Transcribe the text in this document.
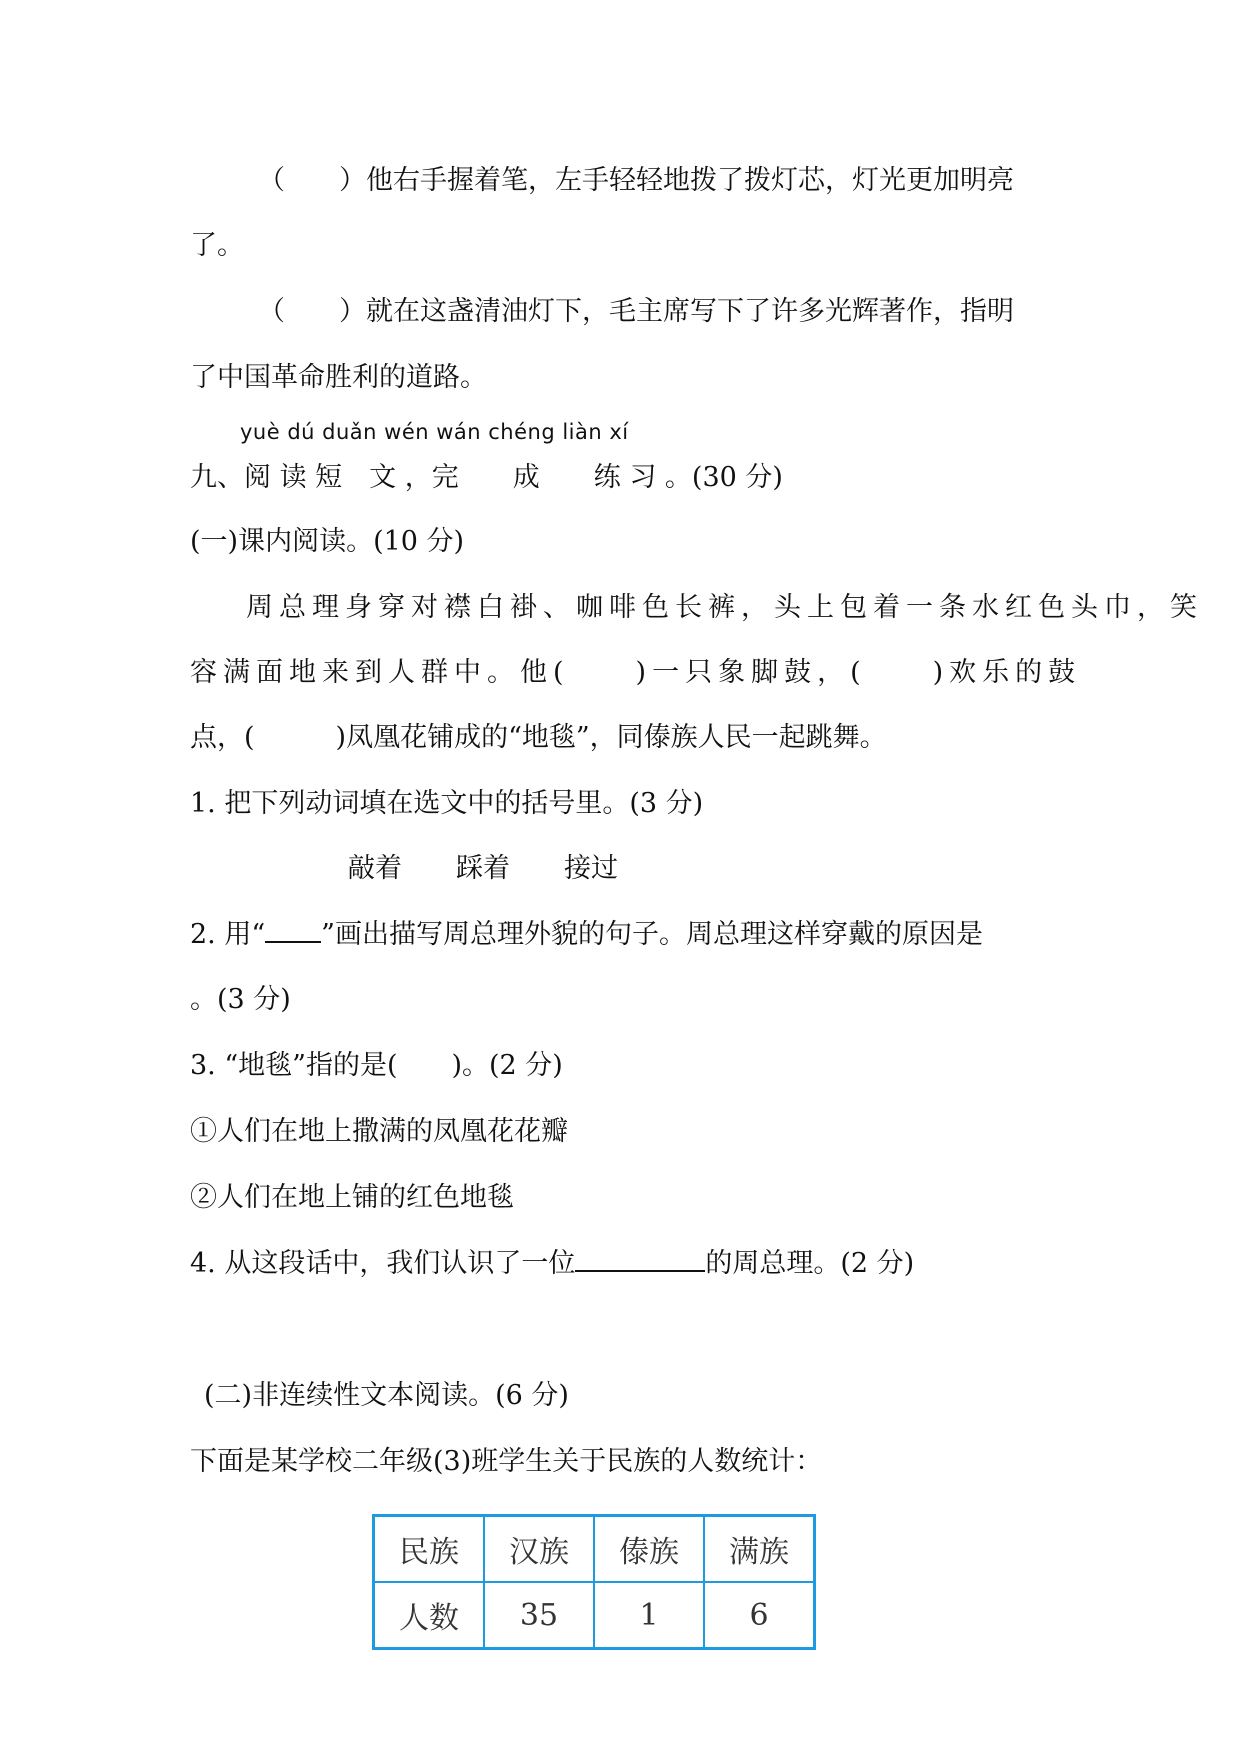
（　　）他右手握着笔，左手轻轻地拨了拨灯芯，灯光更加明亮
了。
（　　）就在这盏清油灯下，毛主席写下了许多光辉著作，指明
了中国革命胜利的道路。
yuè dú duǎn wén wán chéng liàn xí
九、阅 读 短　文 ，完　　成　　练 习 。(30 分)
(一)课内阅读。(10 分)
周总理身穿对襟白褂、咖啡色长裤，头上包着一条水红色头巾，笑
容满面地来到人群中。他(　　)一只象脚鼓，(　　)欢乐的鼓
点，(　　　)凤凰花铺成的“地毯”，同傣族人民一起跳舞。
1. 把下列动词填在选文中的括号里。(3 分)
敲着　　踩着　　接过
2. 用“ ”画出描写周总理外貌的句子。周总理这样穿戴的原因是
。(3 分)
3. “地毯”指的是(　　)。(2 分)
①人们在地上撒满的凤凰花花瓣
②人们在地上铺的红色地毯
4. 从这段话中，我们认识了一位	的周总理。(2 分)
(二)非连续性文本阅读。(6 分)
下面是某学校二年级(3)班学生关于民族的人数统计：
民族	汉族	傣族	满族
人数	35	1	6
